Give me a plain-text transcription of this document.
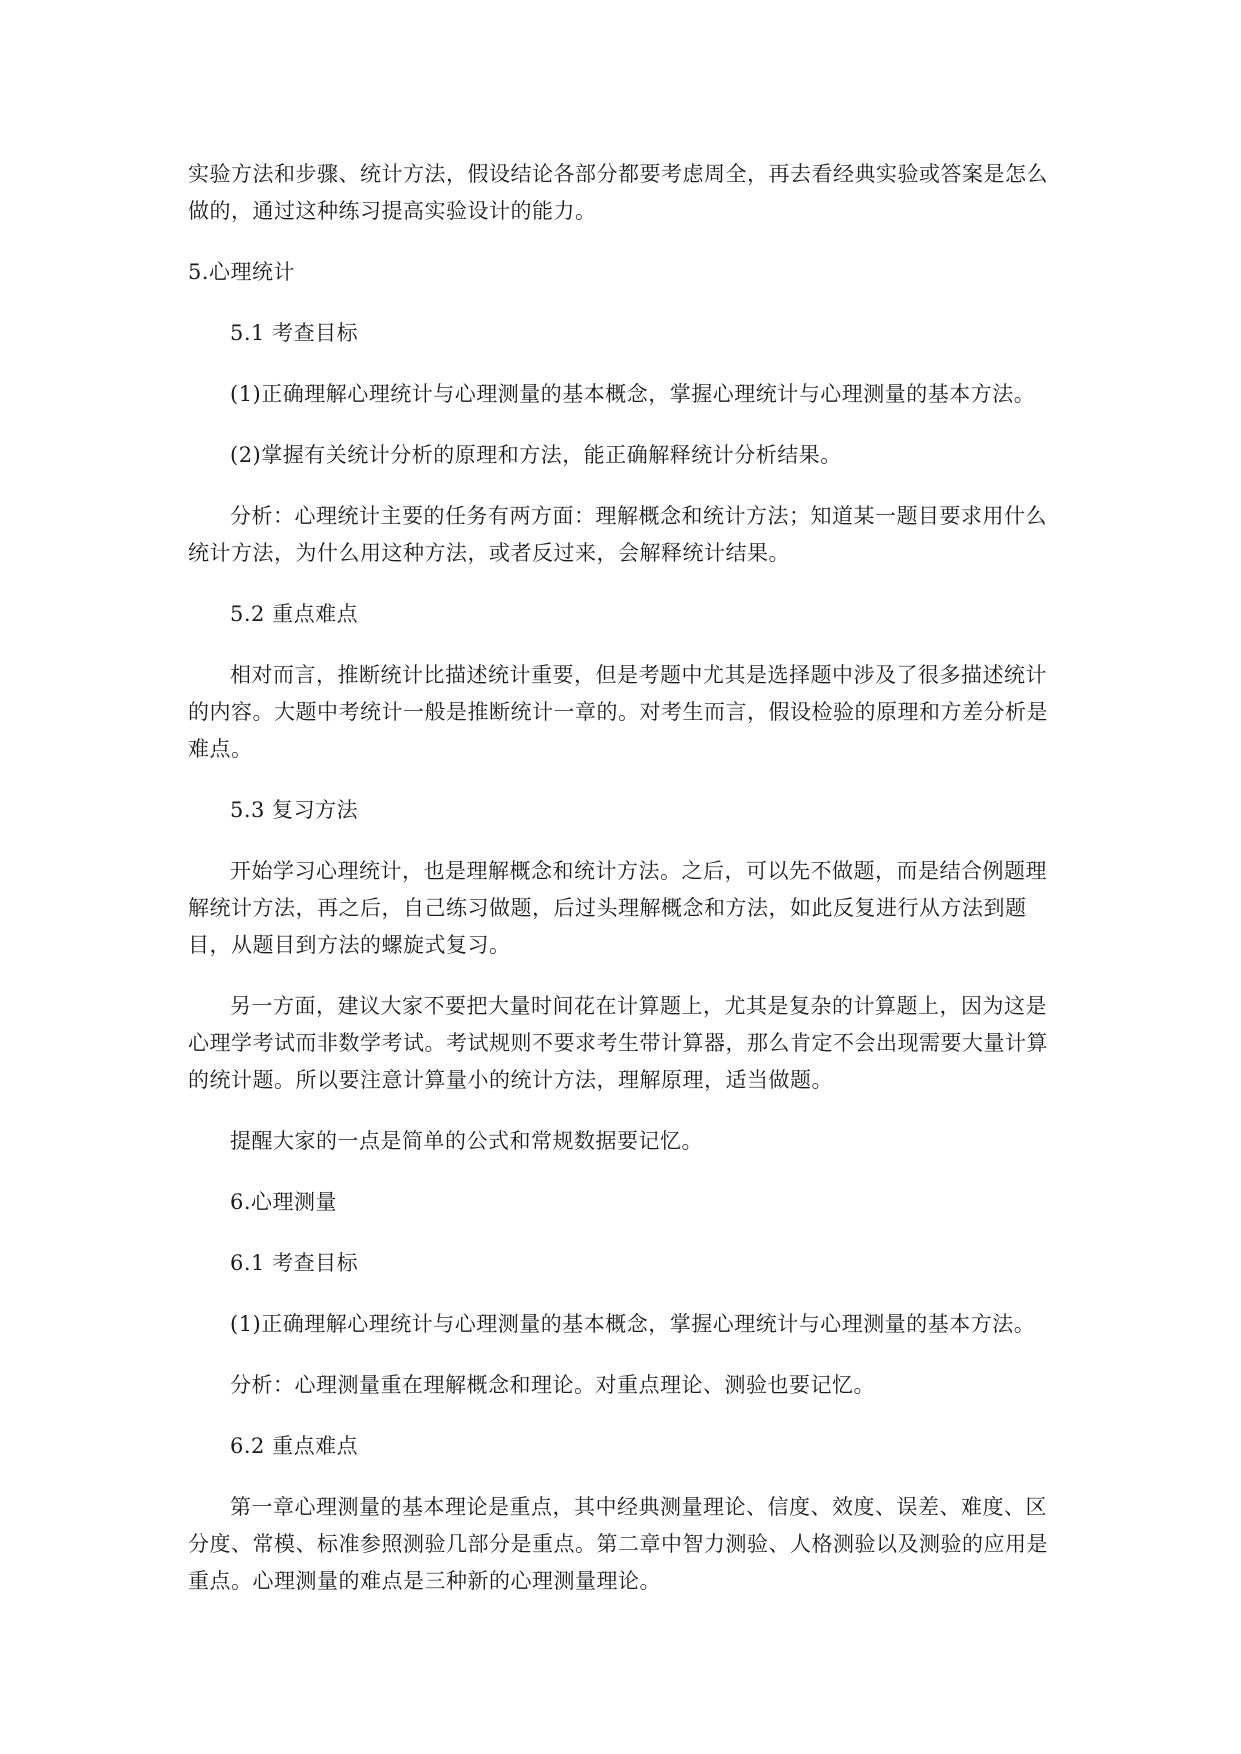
实验方法和步骤、统计方法，假设结论各部分都要考虑周全，再去看经典实验或答案是怎么做的，通过这种练习提高实验设计的能力。

5.心理统计

5.1 考查目标

(1)正确理解心理统计与心理测量的基本概念，掌握心理统计与心理测量的基本方法。

(2)掌握有关统计分析的原理和方法，能正确解释统计分析结果。

分析：心理统计主要的任务有两方面：理解概念和统计方法；知道某一题目要求用什么统计方法，为什么用这种方法，或者反过来，会解释统计结果。

5.2 重点难点

相对而言，推断统计比描述统计重要，但是考题中尤其是选择题中涉及了很多描述统计的内容。大题中考统计一般是推断统计一章的。对考生而言，假设检验的原理和方差分析是难点。

5.3 复习方法

开始学习心理统计，也是理解概念和统计方法。之后，可以先不做题，而是结合例题理解统计方法，再之后，自己练习做题，后过头理解概念和方法，如此反复进行从方法到题目，从题目到方法的螺旋式复习。

另一方面，建议大家不要把大量时间花在计算题上，尤其是复杂的计算题上，因为这是心理学考试而非数学考试。考试规则不要求考生带计算器，那么肯定不会出现需要大量计算的统计题。所以要注意计算量小的统计方法，理解原理，适当做题。

提醒大家的一点是简单的公式和常规数据要记忆。

6.心理测量

6.1 考查目标

(1)正确理解心理统计与心理测量的基本概念，掌握心理统计与心理测量的基本方法。

分析：心理测量重在理解概念和理论。对重点理论、测验也要记忆。

6.2 重点难点

第一章心理测量的基本理论是重点，其中经典测量理论、信度、效度、误差、难度、区分度、常模、标准参照测验几部分是重点。第二章中智力测验、人格测验以及测验的应用是重点。心理测量的难点是三种新的心理测量理论。
